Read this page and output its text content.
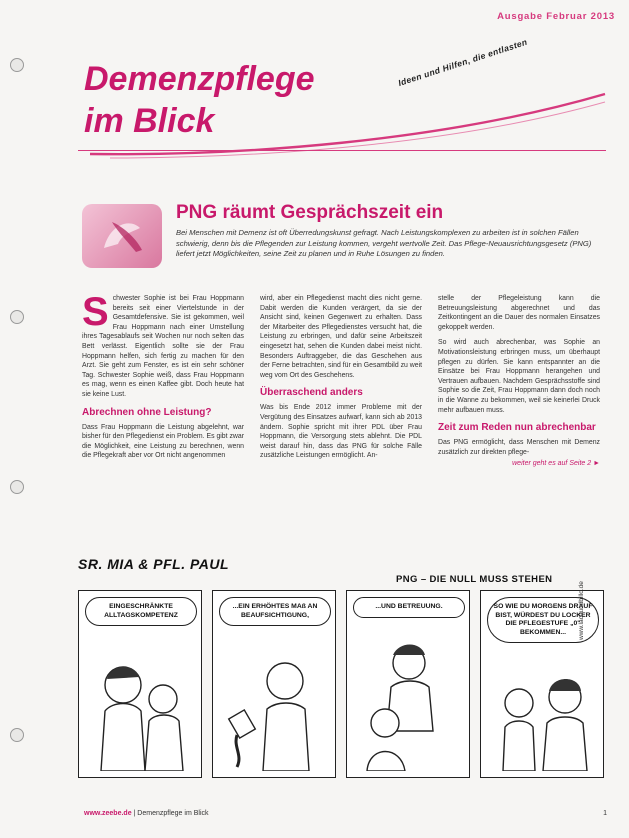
Ausgabe Februar 2013
Demenzpflege
im Blick
Ideen und Hilfen, die entlasten
PNG räumt Gesprächszeit ein
Bei Menschen mit Demenz ist oft Überredungskunst gefragt. Nach Leistungskomplexen zu arbeiten ist in solchen Fällen schwierig, denn bis die Pflegenden zur Leistung kommen, vergeht wertvolle Zeit. Das Pflege-Neuausrichtungsgesetz (PNG) liefert jetzt Möglichkeiten, seine Zeit zu planen und in Ruhe Lösungen zu finden.
S chwester Sophie ist bei Frau Hoppmann bereits seit einer Viertelstunde in der Gesamtdefensive. Sie ist gekommen, weil Frau Hoppmann nach einer Umstellung ihres Tagesablaufs seit Wochen nur noch selten das Bett verlässt. Eigentlich sollte sie der Frau Hoppmann helfen, sich fertig zu machen für den Arzt. Sie geht zum Fenster, es ist ein sehr schöner Tag. Schwester Sophie weiß, dass Frau Hoppmann es mag, wenn es einen Kaffee gibt. Doch heute hat sie keine Lust.
Abrechnen ohne Leistung?
Dass Frau Hoppmann die Leistung abgelehnt, war bisher für den Pflegedienst ein Problem. Es gibt zwar die Möglichkeit, eine Leistung zu berechnen, wenn die Pflegekraft aber vor Ort nicht angenommen
wird, aber ein Pflegedienst macht dies nicht gerne. Dabit werden die Kunden verärgert, da sie der Ansicht sind, keinen Gegenwert zu erhalten. Dass der Mitarbeiter des Pflegedienstes versucht hat, die Leistung zu erbringen, und dafür seine Arbeitszeit eingesetzt hat, sehen die Kunden dabei meist nicht. Besonders Auftraggeber, die das Geschehen aus der Ferne betrachten, sind für ein Gesamtbild zu weit weg vom Ort des Geschehens.
Überraschend anders
Was bis Ende 2012 immer Probleme mit der Vergütung des Einsatzes aufwarf, kann sich ab 2013 ändern. Sophie spricht mit ihrer PDL über Frau Hoppmann, die Versorgung stets ablehnt. Die PDL weist darauf hin, dass das PNG für solche Fälle zusätzliche Leistungen ermöglicht. An-
stelle der Pflegeleistung kann die Betreuungsleistung abgerechnet und das Zeitkontingent an die Dauer des normalen Einsatzes gekoppelt werden.
So wird auch abrechenbar, was Sophie an Motivationsleistung erbringen muss, um überhaupt pflegen zu dürfen. Sie kann entspannter an die Einsätze bei Frau Hoppmann herangehen und Vertrauen aufbauen. Nachdem Gesprächsstoffe sind Sophie so die Zeit, Frau Hoppmann dann doch noch in die Wanne zu bekommen, weil sie keinerlei Druck mehr aufbauen muss.
Zeit zum Reden nun abrechenbar
Das PNG ermöglicht, dass Menschen mit Demenz zusätzlich zur direkten pflege-
weiter geht es auf Seite 2 ►
SR. MIA & PFL. PAUL
PNG – DIE NULL MUSS STEHEN
EINGESCHRÄNKTE ALLTAGSKOMPETENZ
...EIN ERHÖHTES MAß AN BEAUFSICHTIGUNG,
...UND BETREUUNG.	SO WIE DU MORGENS DRAUF BIST, WÜRDEST DU LOCKER DIE PFLEGESTUFE „0" BEKOMMEN...	www.lachundbillo.de
www.zeebe.de | Demenzpflege im Blick	1
